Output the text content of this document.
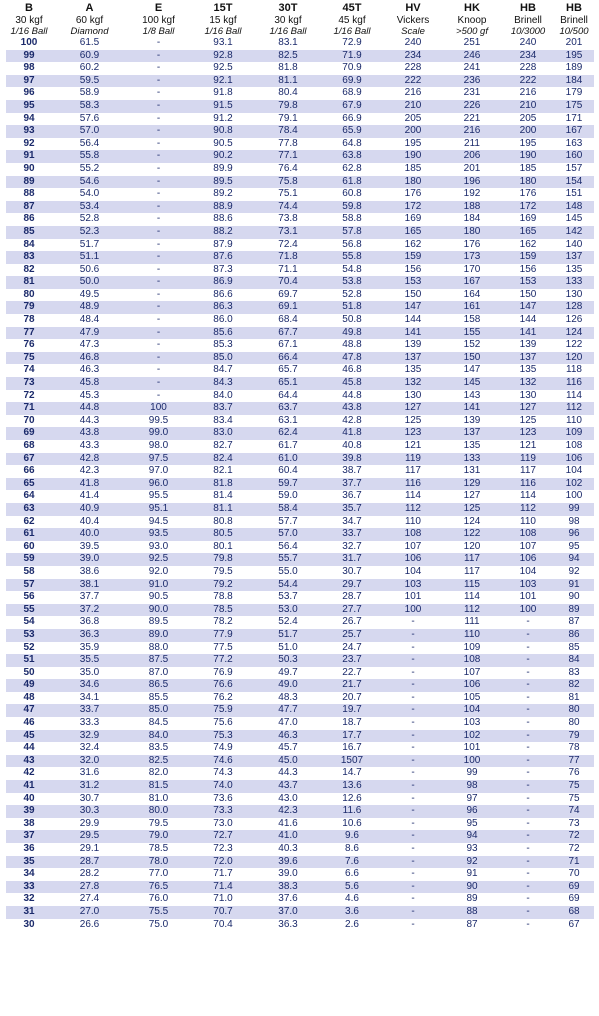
B	A	E	15T	30T	45T	HV	HK	HB	HB
30 kgf	60 kgf	100 kgf	15 kgf	30 kgf	45 kgf	Vickers	Knoop	Brinell	Brinell
1/16 Ball	Diamond	1/8 Ball	1/16 Ball	1/16 Ball	1/16 Ball	Scale	>500 gf	10/3000	10/500
100	61.5	-	93.1	83.1	72.9	240	251	240	201
99	60.9	-	92.8	82.5	71.9	234	246	234	195
98	60.2	-	92.5	81.8	70.9	228	241	228	189
97	59.5	-	92.1	81.1	69.9	222	236	222	184
96	58.9	-	91.8	80.4	68.9	216	231	216	179
95	58.3	-	91.5	79.8	67.9	210	226	210	175
94	57.6	-	91.2	79.1	66.9	205	221	205	171
93	57.0	-	90.8	78.4	65.9	200	216	200	167
92	56.4	-	90.5	77.8	64.8	195	211	195	163
91	55.8	-	90.2	77.1	63.8	190	206	190	160
90	55.2	-	89.9	76.4	62.8	185	201	185	157
89	54.6	-	89.5	75.8	61.8	180	196	180	154
88	54.0	-	89.2	75.1	60.8	176	192	176	151
87	53.4	-	88.9	74.4	59.8	172	188	172	148
86	52.8	-	88.6	73.8	58.8	169	184	169	145
85	52.3	-	88.2	73.1	57.8	165	180	165	142
84	51.7	-	87.9	72.4	56.8	162	176	162	140
83	51.1	-	87.6	71.8	55.8	159	173	159	137
82	50.6	-	87.3	71.1	54.8	156	170	156	135
81	50.0	-	86.9	70.4	53.8	153	167	153	133
80	49.5	-	86.6	69.7	52.8	150	164	150	130
79	48.9	-	86.3	69.1	51.8	147	161	147	128
78	48.4	-	86.0	68.4	50.8	144	158	144	126
77	47.9	-	85.6	67.7	49.8	141	155	141	124
76	47.3	-	85.3	67.1	48.8	139	152	139	122
75	46.8	-	85.0	66.4	47.8	137	150	137	120
74	46.3	-	84.7	65.7	46.8	135	147	135	118
73	45.8	-	84.3	65.1	45.8	132	145	132	116
72	45.3	-	84.0	64.4	44.8	130	143	130	114
71	44.8	100	83.7	63.7	43.8	127	141	127	112
70	44.3	99.5	83.4	63.1	42.8	125	139	125	110
69	43.8	99.0	83.0	62.4	41.8	123	137	123	109
68	43.3	98.0	82.7	61.7	40.8	121	135	121	108
67	42.8	97.5	82.4	61.0	39.8	119	133	119	106
66	42.3	97.0	82.1	60.4	38.7	117	131	117	104
65	41.8	96.0	81.8	59.7	37.7	116	129	116	102
64	41.4	95.5	81.4	59.0	36.7	114	127	114	100
63	40.9	95.1	81.1	58.4	35.7	112	125	112	99
62	40.4	94.5	80.8	57.7	34.7	110	124	110	98
61	40.0	93.5	80.5	57.0	33.7	108	122	108	96
60	39.5	93.0	80.1	56.4	32.7	107	120	107	95
59	39.0	92.5	79.8	55.7	31.7	106	117	106	94
58	38.6	92.0	79.5	55.0	30.7	104	117	104	92
57	38.1	91.0	79.2	54.4	29.7	103	115	103	91
56	37.7	90.5	78.8	53.7	28.7	101	114	101	90
55	37.2	90.0	78.5	53.0	27.7	100	112	100	89
54	36.8	89.5	78.2	52.4	26.7	-	111	-	87
53	36.3	89.0	77.9	51.7	25.7	-	110	-	86
52	35.9	88.0	77.5	51.0	24.7	-	109	-	85
51	35.5	87.5	77.2	50.3	23.7	-	108	-	84
50	35.0	87.0	76.9	49.7	22.7	-	107	-	83
49	34.6	86.5	76.6	49.0	21.7	-	106	-	82
48	34.1	85.5	76.2	48.3	20.7	-	105	-	81
47	33.7	85.0	75.9	47.7	19.7	-	104	-	80
46	33.3	84.5	75.6	47.0	18.7	-	103	-	80
45	32.9	84.0	75.3	46.3	17.7	-	102	-	79
44	32.4	83.5	74.9	45.7	16.7	-	101	-	78
43	32.0	82.5	74.6	45.0	1507	-	100	-	77
42	31.6	82.0	74.3	44.3	14.7	-	99	-	76
41	31.2	81.5	74.0	43.7	13.6	-	98	-	75
40	30.7	81.0	73.6	43.0	12.6	-	97	-	75
39	30.3	80.0	73.3	42.3	11.6	-	96	-	74
38	29.9	79.5	73.0	41.6	10.6	-	95	-	73
37	29.5	79.0	72.7	41.0	9.6	-	94	-	72
36	29.1	78.5	72.3	40.3	8.6	-	93	-	72
35	28.7	78.0	72.0	39.6	7.6	-	92	-	71
34	28.2	77.0	71.7	39.0	6.6	-	91	-	70
33	27.8	76.5	71.4	38.3	5.6	-	90	-	69
32	27.4	76.0	71.0	37.6	4.6	-	89	-	69
31	27.0	75.5	70.7	37.0	3.6	-	88	-	68
30	26.6	75.0	70.4	36.3	2.6	-	87	-	67
